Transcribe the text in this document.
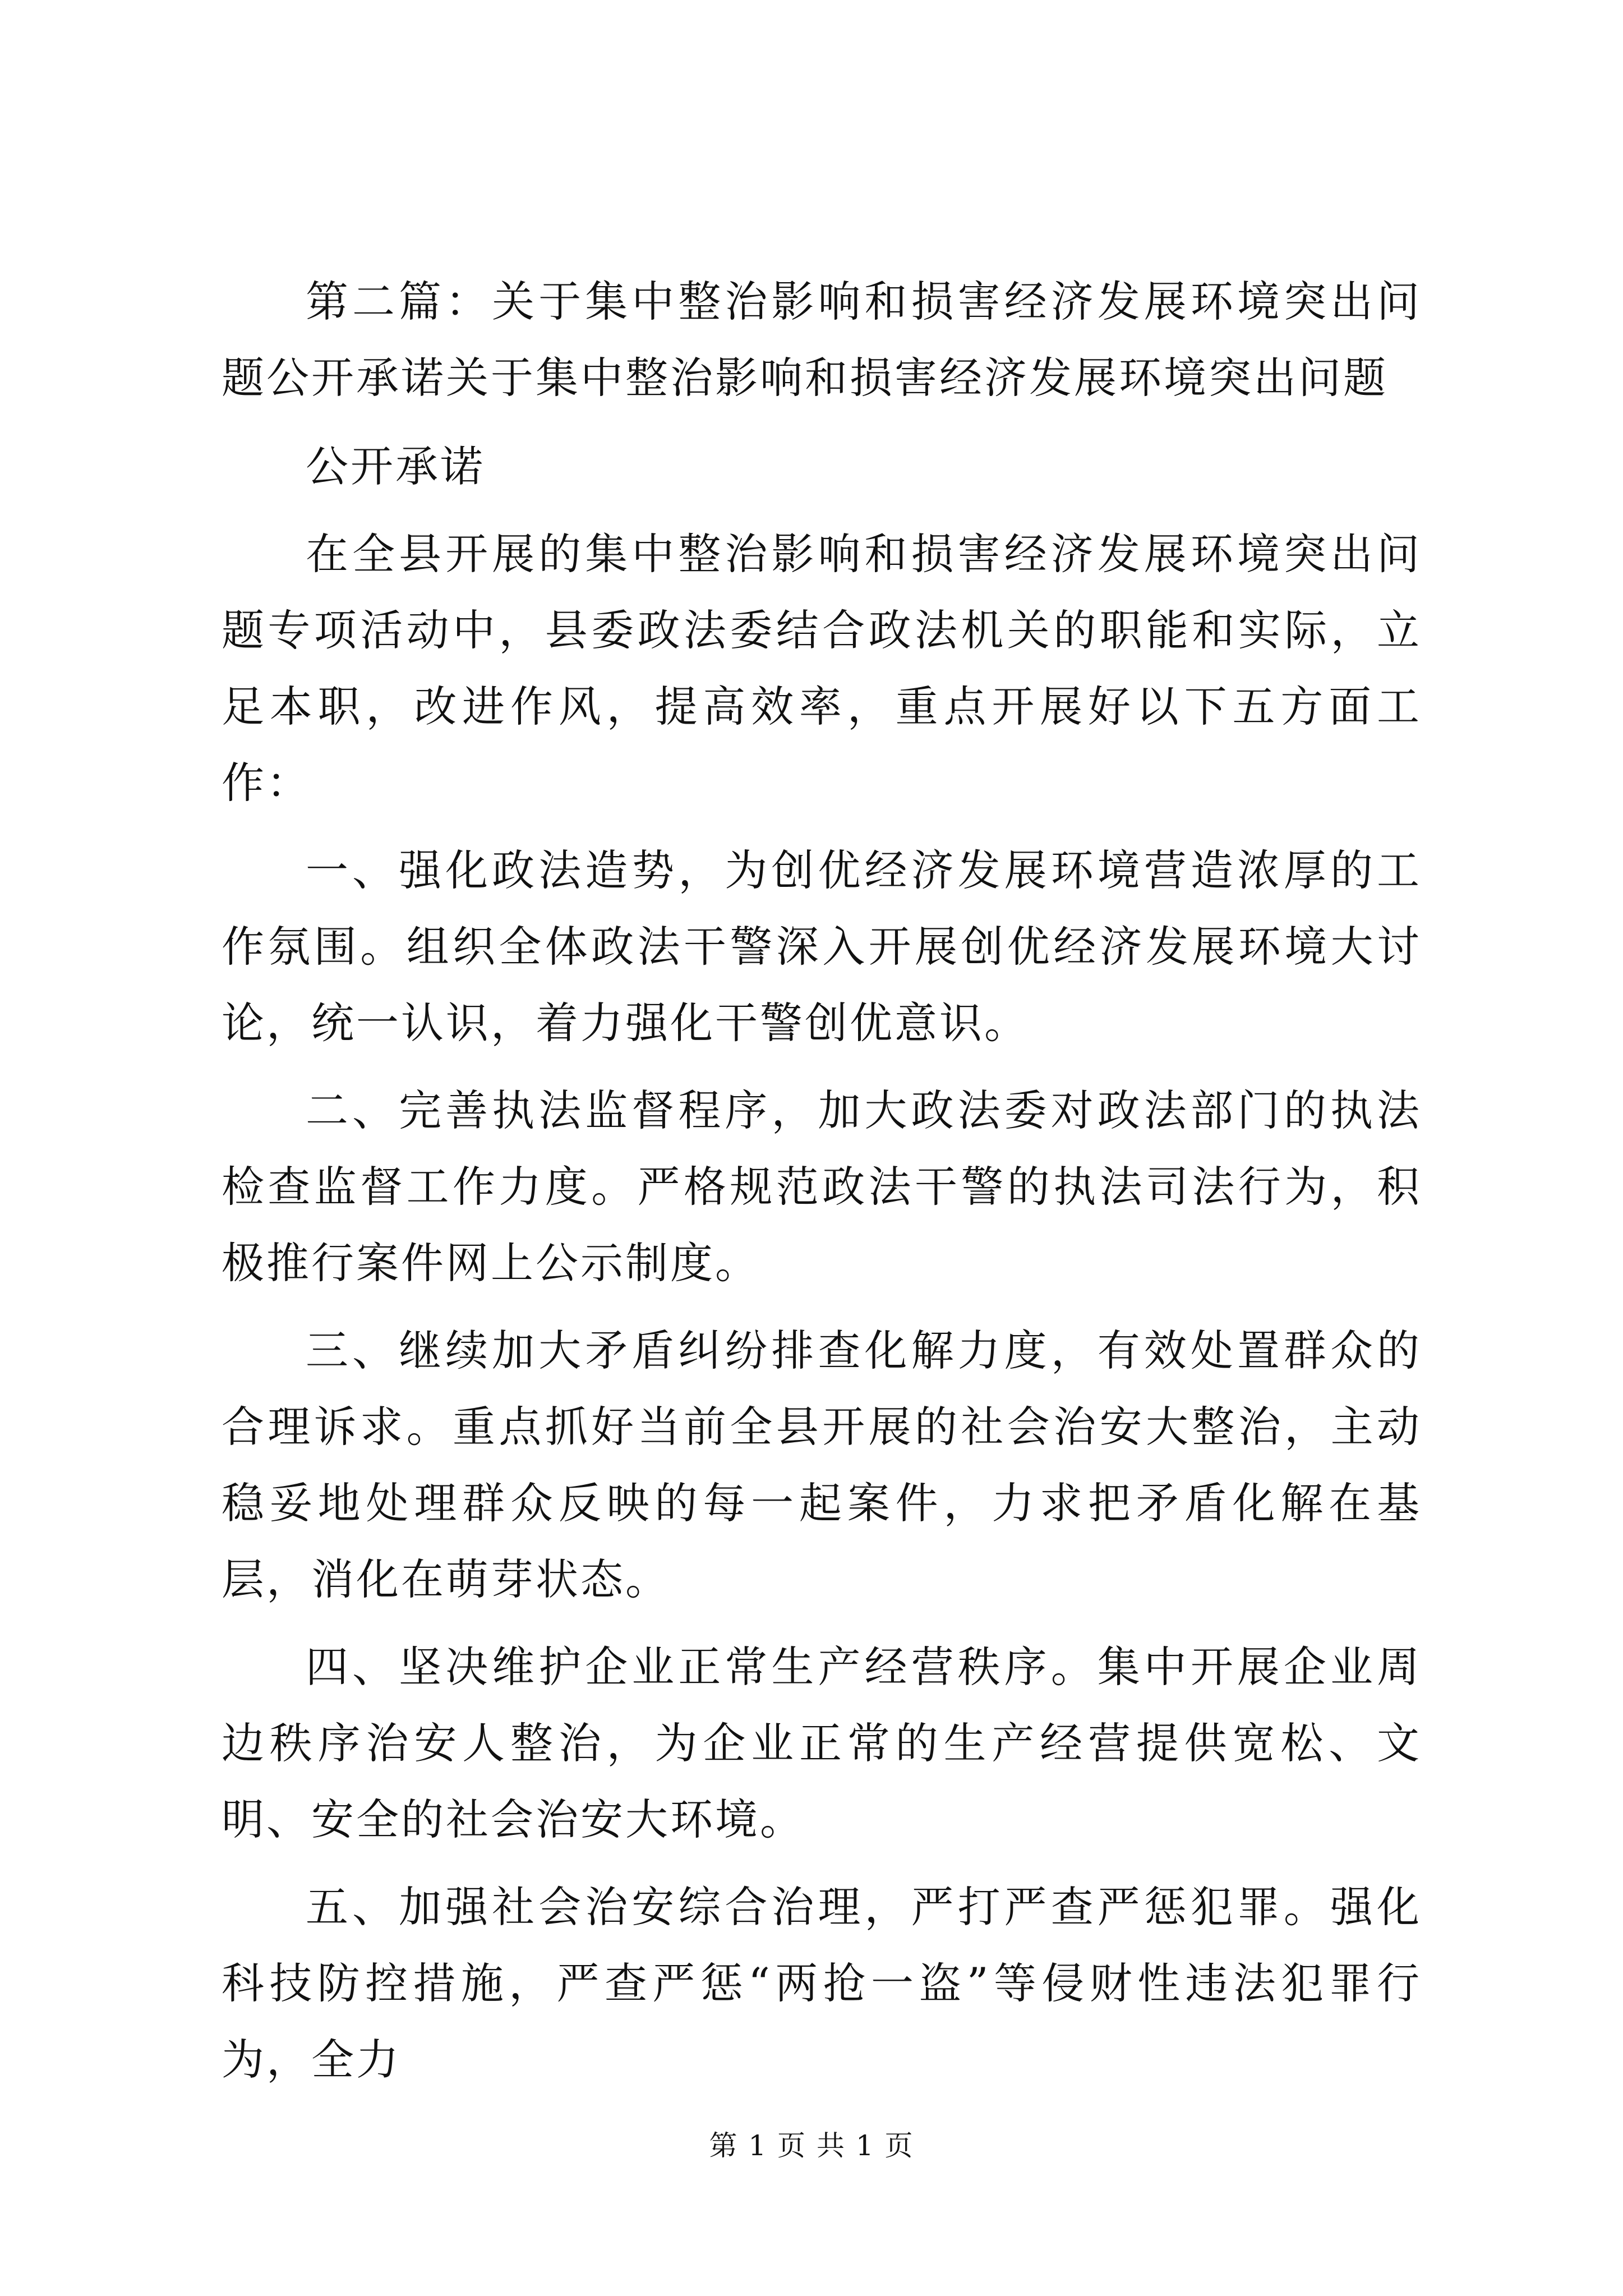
第二篇：关于集中整治影响和损害经济发展环境突出问题公开承诺关于集中整治影响和损害经济发展环境突出问题

公开承诺

在全县开展的集中整治影响和损害经济发展环境突出问题专项活动中，县委政法委结合政法机关的职能和实际，立足本职，改进作风，提高效率，重点开展好以下五方面工作：

一、强化政法造势，为创优经济发展环境营造浓厚的工作氛围。组织全体政法干警深入开展创优经济发展环境大讨论，统一认识，着力强化干警创优意识。

二、完善执法监督程序，加大政法委对政法部门的执法检查监督工作力度。严格规范政法干警的执法司法行为，积极推行案件网上公示制度。

三、继续加大矛盾纠纷排查化解力度，有效处置群众的合理诉求。重点抓好当前全县开展的社会治安大整治，主动稳妥地处理群众反映的每一起案件，力求把矛盾化解在基层，消化在萌芽状态。

四、坚决维护企业正常生产经营秩序。集中开展企业周边秩序治安人整治，为企业正常的生产经营提供宽松、文明、安全的社会治安大环境。

五、加强社会治安综合治理，严打严查严惩犯罪。强化科技防控措施，严查严惩“两抢一盗”等侵财性违法犯罪行为，全力

第 1 页 共 1 页
